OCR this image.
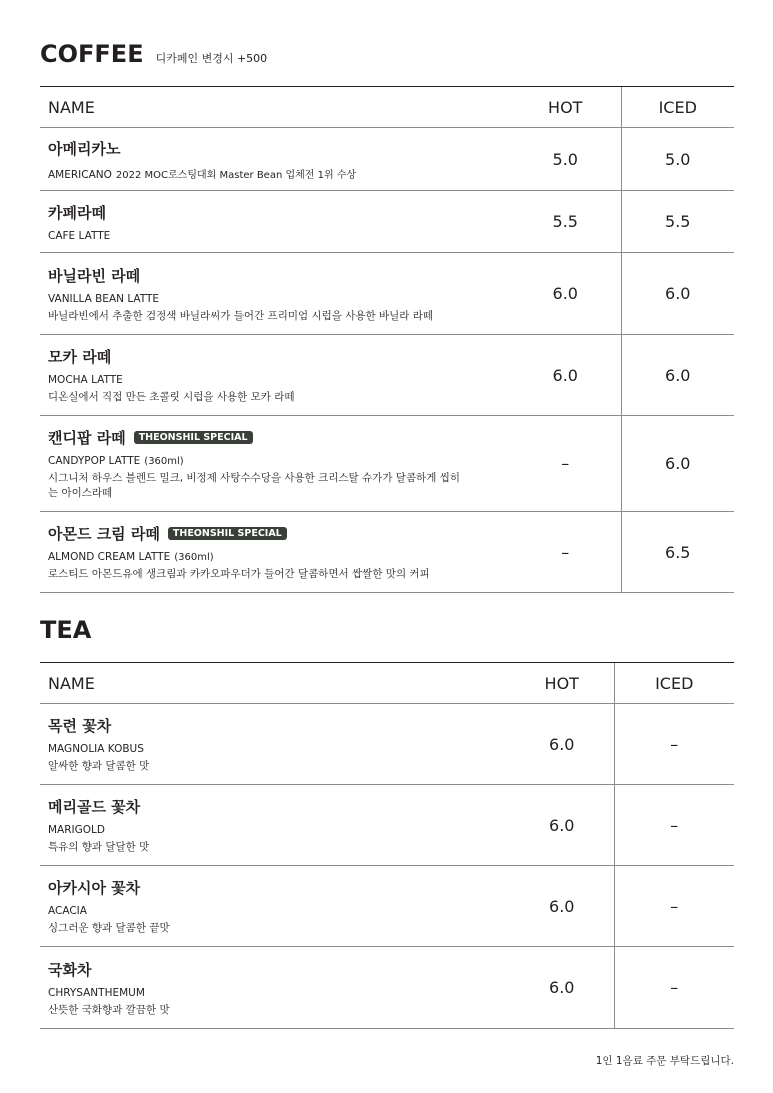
COFFEE 디카페인 변경시 +500
NAME	HOT	ICED

아메리카노
AMERICANO 2022 MOC로스팅대회 Master Bean 업체전 1위 수상	5.0	5.0

카페라떼
CAFE LATTE	5.5	5.5

바닐라빈 라떼
VANILLA BEAN LATTE
바닐라빈에서 추출한 검정색 바닐라씨가 들어간 프리미엄 시럽을 사용한 바닐라 라떼	6.0	6.0

모카 라떼
MOCHA LATTE
디온실에서 직접 만든 초콜릿 시럽을 사용한 모카 라떼	6.0	6.0

캔디팝 라떼 THEONSHIL SPECIAL
CANDYPOP LATTE (360ml)
시그니처 하우스 블렌드 밀크, 비정제 사탕수수당을 사용한 크리스탈 슈가가 달콤하게 씹히는 아이스라떼	–	6.0

아몬드 크림 라떼 THEONSHIL SPECIAL
ALMOND CREAM LATTE (360ml)
로스티드 아몬드유에 생크림과 카카오파우더가 들어간 달콤하면서 쌉쌀한 맛의 커피	–	6.5
TEA
NAME	HOT	ICED

목련 꽃차
MAGNOLIA KOBUS
알싸한 향과 달콤한 맛	6.0	–

메리골드 꽃차
MARIGOLD
특유의 향과 달달한 맛	6.0	–

아카시아 꽃차
ACACIA
싱그러운 향과 달콤한 끝맛	6.0	–

국화차
CHRYSANTHEMUM
산뜻한 국화향과 깔끔한 맛	6.0	–
1인 1음료 주문 부탁드립니다.
